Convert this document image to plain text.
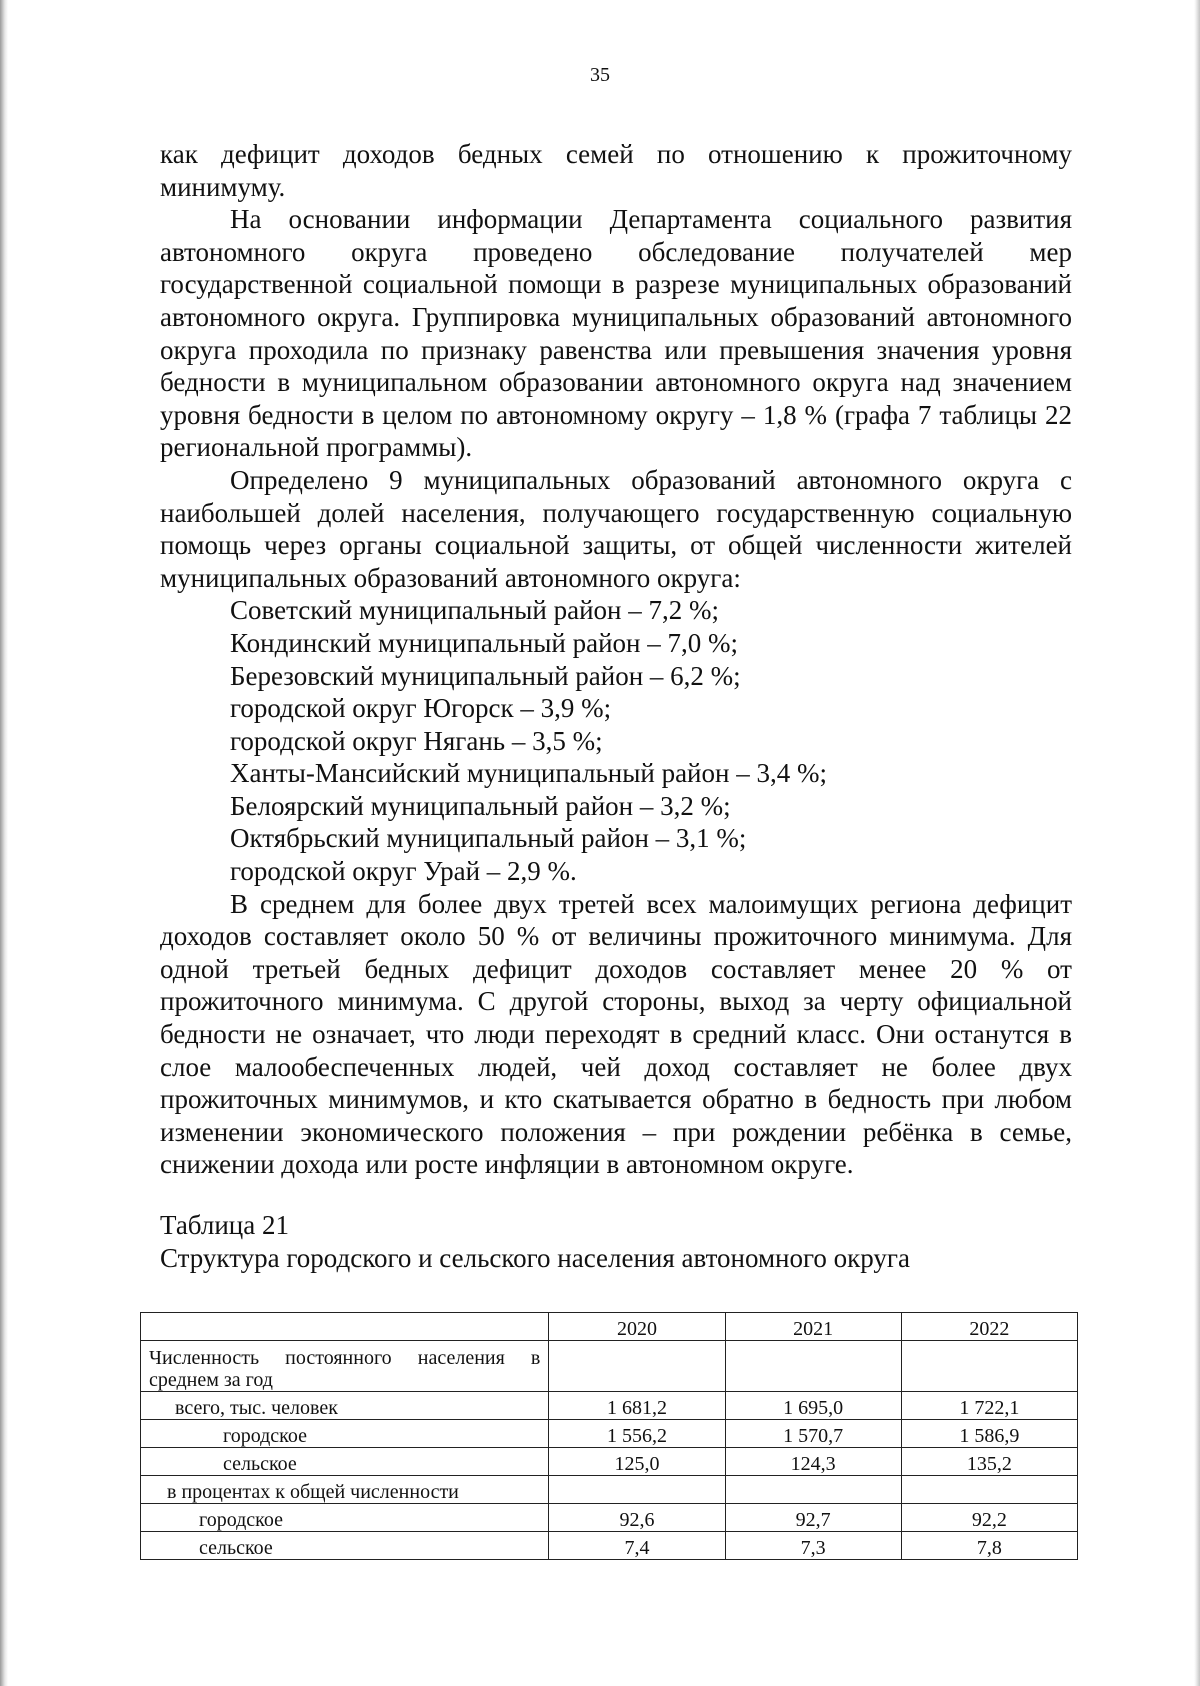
35

как дефицит доходов бедных семей по отношению к прожиточному минимуму.

На основании информации Департамента социального развития автономного округа проведено обследование получателей мер государственной социальной помощи в разрезе муниципальных образований автономного округа. Группировка муниципальных образований автономного округа проходила по признаку равенства или превышения значения уровня бедности в муниципальном образовании автономного округа над значением уровня бедности в целом по автономному округу – 1,8 % (графа 7 таблицы 22 региональной программы).

Определено 9 муниципальных образований автономного округа с наибольшей долей населения, получающего государственную социальную помощь через органы социальной защиты, от общей численности жителей муниципальных образований автономного округа:

Советский муниципальный район – 7,2 %;
Кондинский муниципальный район – 7,0 %;
Березовский муниципальный район – 6,2 %;
городской округ Югорск – 3,9 %;
городской округ Нягань – 3,5 %;
Ханты-Мансийский муниципальный район – 3,4 %;
Белоярский муниципальный район – 3,2 %;
Октябрьский муниципальный район – 3,1 %;
городской округ Урай – 2,9 %.

В среднем для более двух третей всех малоимущих региона дефицит доходов составляет около 50 % от величины прожиточного минимума. Для одной третьей бедных дефицит доходов составляет менее 20 % от прожиточного минимума. С другой стороны, выход за черту официальной бедности не означает, что люди переходят в средний класс. Они останутся в слое малообеспеченных людей, чей доход составляет не более двух прожиточных минимумов, и кто скатывается обратно в бедность при любом изменении экономического положения – при рождении ребёнка в семье, снижении дохода или росте инфляции в автономном округе.

Таблица 21

Структура городского и сельского населения автономного округа

	2020	2021	2022
Численность постоянного населения в среднем за год			
всего, тыс. человек	1 681,2	1 695,0	1 722,1
городское	1 556,2	1 570,7	1 586,9
сельское	125,0	124,3	135,2
в процентах к общей численности			
городское	92,6	92,7	92,2
сельское	7,4	7,3	7,8
